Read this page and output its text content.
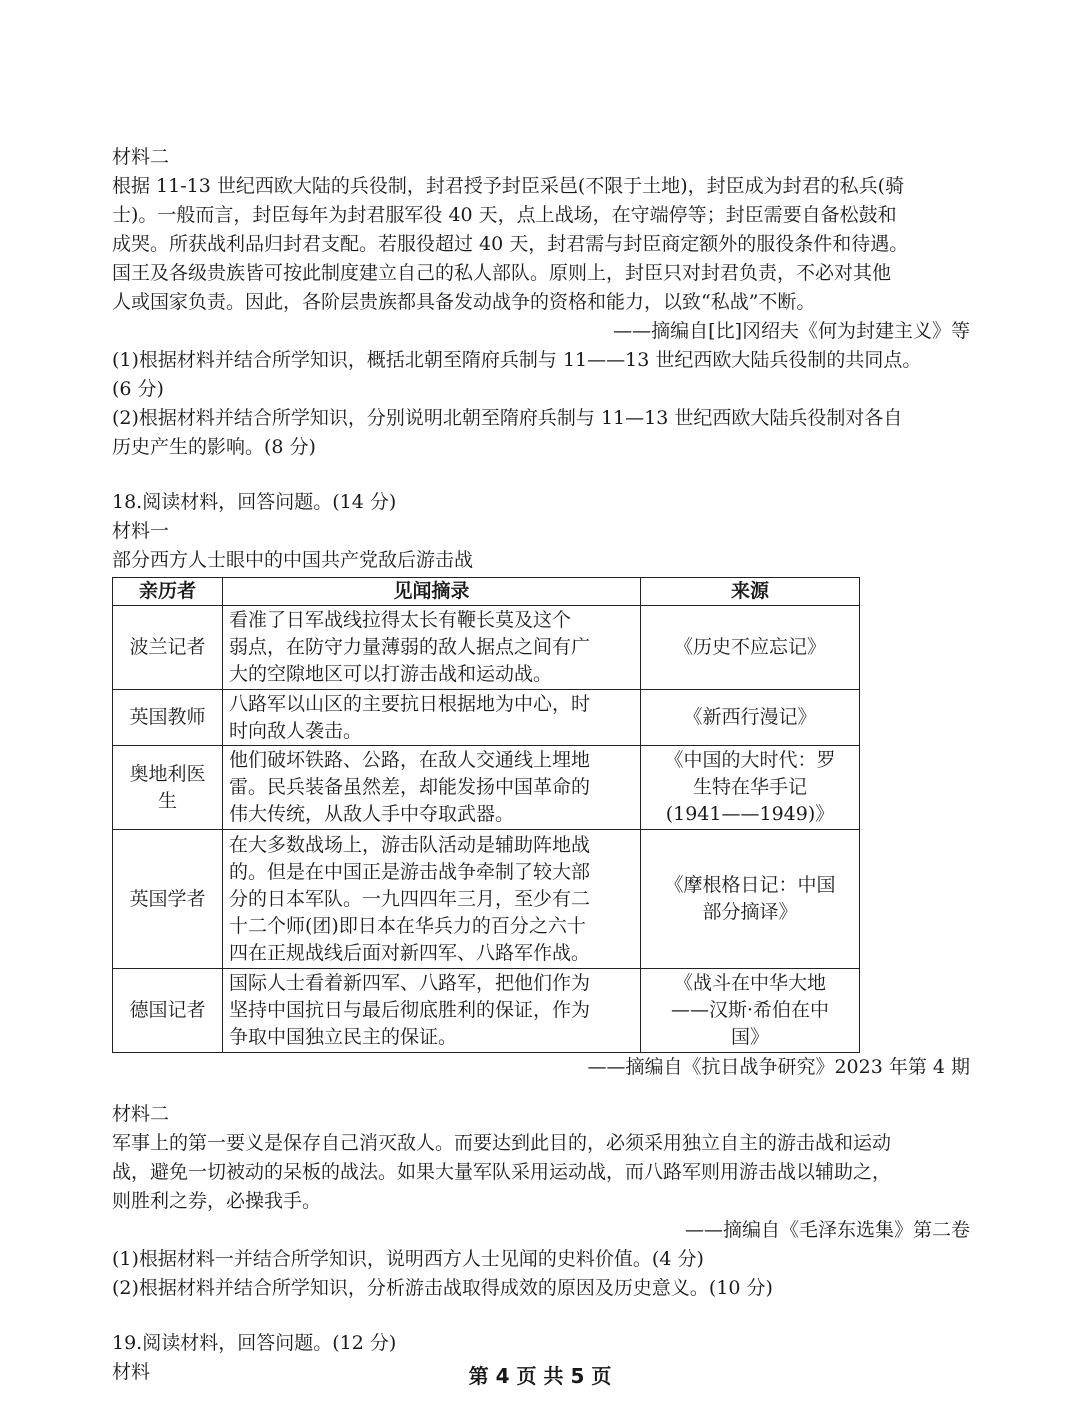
材料二
根据 11-13 世纪西欧大陆的兵役制，封君授予封臣采邑(不限于土地)，封臣成为封君的私兵(骑
士)。一般而言，封臣每年为封君服军役 40 天，点上战场，在守端停等；封臣需要自备松鼓和
成哭。所获战利品归封君支配。若服役超过 40 天，封君需与封臣商定额外的服役条件和待遇。
国王及各级贵族皆可按此制度建立自己的私人部队。原则上，封臣只对封君负责，不必对其他
人或国家负责。因此，各阶层贵族都具备发动战争的资格和能力，以致“私战”不断。
——摘编自[比]冈绍夫《何为封建主义》等
(1)根据材料并结合所学知识，概括北朝至隋府兵制与 11——13 世纪西欧大陆兵役制的共同点。
(6 分)
(2)根据材料并结合所学知识，分别说明北朝至隋府兵制与 11—13 世纪西欧大陆兵役制对各自
历史产生的影响。(8 分)
18.阅读材料，回答问题。(14 分)
材料一
部分西方人士眼中的中国共产党敌后游击战
亲历者	见闻摘录	来源

波兰记者	看准了日军战线拉得太长有鞭长莫及这个
弱点，在防守力量薄弱的敌人据点之间有广
大的空隙地区可以打游击战和运动战。	《历史不应忘记》

英国教师	八路军以山区的主要抗日根据地为中心，时
时向敌人袭击。	《新西行漫记》

奥地利医
生	他们破坏铁路、公路，在敌人交通线上埋地
雷。民兵装备虽然差，却能发扬中国革命的
伟大传统，从敌人手中夺取武器。	《中国的大时代：罗
生特在华手记
(1941——1949)》

英国学者	在大多数战场上，游击队活动是辅助阵地战
的。但是在中国正是游击战争牵制了较大部
分的日本军队。一九四四年三月，至少有二
十二个师(团)即日本在华兵力的百分之六十
四在正规战线后面对新四军、八路军作战。	《摩根格日记：中国
部分摘译》

德国记者	国际人士看着新四军、八路军，把他们作为
坚持中国抗日与最后彻底胜利的保证，作为
争取中国独立民主的保证。	《战斗在中华大地
——汉斯·希伯在中
国》
——摘编自《抗日战争研究》2023 年第 4 期
材料二
军事上的第一要义是保存自己消灭敌人。而要达到此目的，必须采用独立自主的游击战和运动
战，避免一切被动的呆板的战法。如果大量军队采用运动战，而八路军则用游击战以辅助之，
则胜利之券，必操我手。
——摘编自《毛泽东选集》第二卷
(1)根据材料一并结合所学知识，说明西方人士见闻的史料价值。(4 分)
(2)根据材料并结合所学知识，分析游击战取得成效的原因及历史意义。(10 分)
19.阅读材料，回答问题。(12 分)
材料	第 4 页 共 5 页
